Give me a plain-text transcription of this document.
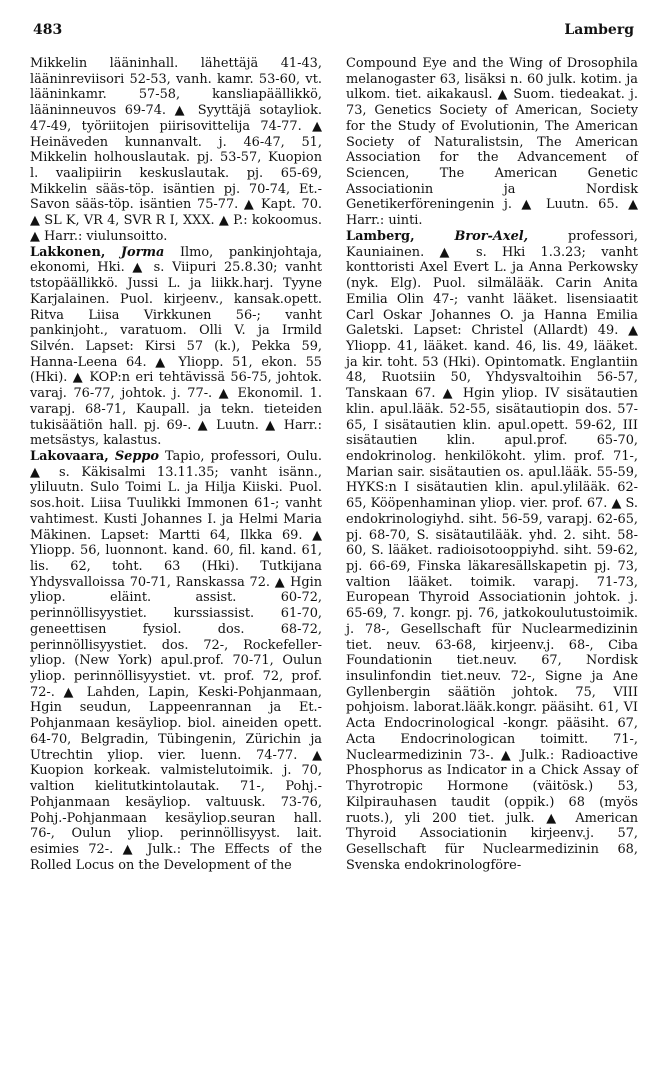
483	Lamberg

Mikkelin lääninhall. lähettäjä 41-43, lääninreviisori 52-53, vanh. kamr. 53-60, vt. lääninkamr. 57-58, kansliapäällikkö, lääninneuvos 69-74. ▲ Syyttäjä sotayliok. 47-49, työriitojen piirisovittelija 74-77. ▲ Heinäveden kunnanvalt. j. 46-47, 51, Mikkelin holhouslautak. pj. 53-57, Kuopion l. vaalipiirin keskuslautak. pj. 65-69, Mikkelin sääs-töp. isäntien pj. 70-74, Et.-Savon sääs-töp. isäntien 75-77. ▲ Kapt. 70. ▲ SL K, VR 4, SVR R I, XXX. ▲ P.: kokoomus. ▲ Harr.: viulunsoitto.

Lakkonen, Jorma Ilmo, pankinjohtaja, ekonomi, Hki. ▲ s. Viipuri 25.8.30; vanht tstopäällikkö. Jussi L. ja liikk.harj. Tyyne Karjalainen. Puol. kirjeenv., kansak.opett. Ritva Liisa Virkkunen 56-; vanht pankinjoht., varatuom. Olli V. ja Irmild Silvén. Lapset: Kirsi 57 (k.), Pekka 59, Hanna-Leena 64. ▲ Yliopp. 51, ekon. 55 (Hki). ▲ KOP:n eri tehtävissä 56-75, johtok. varaj. 76-77, johtok. j. 77-. ▲ Ekonomil. 1. varapj. 68-71, Kaupall. ja tekn. tieteiden tukisäätiön hall. pj. 69-. ▲ Luutn. ▲ Harr.: metsästys, kalastus.

Lakovaara, Seppo Tapio, professori, Oulu. ▲ s. Käkisalmi 13.11.35; vanht isänn., yliluutn. Sulo Toimi L. ja Hilja Kiiski. Puol. sos.hoit. Liisa Tuulikki Immonen 61-; vanht vahtimest. Kusti Johannes I. ja Helmi Maria Mäkinen. Lapset: Martti 64, Ilkka 69. ▲ Yliopp. 56, luonnont. kand. 60, fil. kand. 61, lis. 62, toht. 63 (Hki). Tutkijana Yhdysvalloissa 70-71, Ranskassa 72. ▲ Hgin yliop. eläint. assist. 60-72, perinnöllisyystiet. kurssiassist. 61-70, geneettisen fysiol. dos. 68-72, perinnöllisyystiet. dos. 72-, Rockefeller-yliop. (New York) apul.prof. 70-71, Oulun yliop. perinnöllisyystiet. vt. prof. 72, prof. 72-. ▲ Lahden, Lapin, Keski-Pohjanmaan, Hgin seudun, Lappeenrannan ja Et.-Pohjanmaan kesäyliop. biol. aineiden opett. 64-70, Belgradin, Tübingenin, Zürichin ja Utrechtin yliop. vier. luenn. 74-77. ▲ Kuopion korkeak. valmistelutoimik. j. 70, valtion kielitutkintolautak. 71-, Pohj.-Pohjanmaan kesäyliop. valtuusk. 73-76, Pohj.-Pohjanmaan kesäyliop.seuran hall. 76-, Oulun yliop. perinnöllisyyst. lait. esimies 72-. ▲ Julk.: The Effects of the Rolled Locus on the Development of the

Compound Eye and the Wing of Drosophila melanogaster 63, lisäksi n. 60 julk. kotim. ja ulkom. tiet. aikakausl. ▲ Suom. tiedeakat. j. 73, Genetics Society of American, Society for the Study of Evolutionin, The American Society of Naturalistsin, The American Association for the Advancement of Sciencen, The American Genetic Associationin ja Nordisk Genetikerföreningenin j. ▲ Luutn. 65. ▲ Harr.: uinti.

Lamberg,	Bror-Axel,	professori, Kauniainen. ▲ s. Hki 1.3.23; vanht konttoristi Axel Evert L. ja Anna Perkowsky (nyk. Elg). Puol. silmälääk. Carin Anita Emilia Olin 47-; vanht lääket. lisensiaatit Carl Oskar Johannes O. ja Hanna Emilia Galetski. Lapset: Christel (Allardt) 49. ▲ Yliopp. 41, lääket. kand. 46, lis. 49, lääket. ja kir. toht. 53 (Hki). Opintomatk. Englantiin 48, Ruotsiin 50, Yhdysvaltoihin 56-57, Tanskaan 67. ▲ Hgin yliop. IV sisätautien klin. apul.lääk. 52-55, sisätautiopin dos. 57-65, I sisätautien klin. apul.opett. 59-62, III sisätautien klin. apul.prof. 65-70, endokrinolog. henkilökoht. ylim. prof. 71-, Marian sair. sisätautien os. apul.lääk. 55-59, HYKS:n I sisätautien klin. apul.ylilääk. 62-65, Kööpenhaminan yliop. vier. prof. 67. ▲ S. endokrinologiyhd. siht. 56-59, varapj. 62-65, pj. 68-70, S. sisätautilääk. yhd. 2. siht. 58-60, S. lääket. radioisotooppiyhd. siht. 59-62, pj. 66-69, Finska läkaresällskapetin pj. 73, valtion lääket. toimik. varapj. 71-73, European Thyroid Associationin johtok. j. 65-69, 7. kongr. pj. 76, jatkokoulutustoimik. j. 78-, Gesellschaft für Nuclearmedizinin tiet. neuv. 63-68, kirjeenv.j. 68-, Ciba Foundationin tiet.neuv. 67, Nordisk insulinfondin tiet.neuv. 72-, Signe ja Ane Gyllenbergin säätiön johtok. 75, VIII pohjoism. laborat.lääk.kongr. pääsiht. 61, VI Acta Endocrinological -kongr. pääsiht. 67, Acta Endocrinologican toimitt. 71-, Nuclearmedizinin 73-. ▲ Julk.: Radioactive Phosphorus as Indicator in a Chick Assay of Thyrotropic Hormone (väitösk.) 53, Kilpirauhasen taudit (oppik.) 68 (myös ruots.), yli 200 tiet. julk. ▲ American Thyroid Associationin kirjeenv.j. 57, Gesellschaft für Nuclearmedizinin 68, Svenska endokrinologföre-
